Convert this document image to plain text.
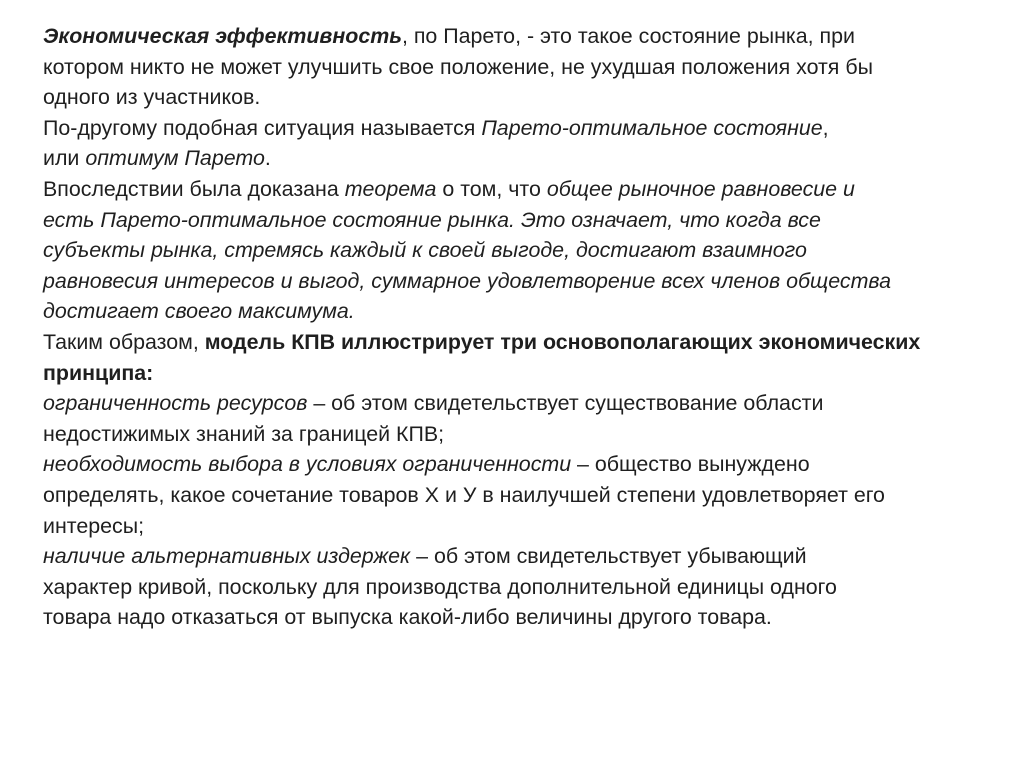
Экономическая эффективность, по Парето, - это такое состояние рынка, при
котором никто не может улучшить свое положение, не ухудшая положения хотя бы
одного из участников.
По-другому подобная ситуация называется Парето-оптимальное состояние,
или оптимум Парето.
Впоследствии была доказана теорема о том, что общее рыночное равновесие и
есть Парето-оптимальное состояние рынка. Это означает, что когда все
субъекты рынка, стремясь каждый к своей выгоде, достигают взаимного
равновесия интересов и выгод, суммарное удовлетворение всех членов общества
достигает своего максимума.
Таким образом, модель КПВ иллюстрирует три основополагающих экономических
принципа:
ограниченность ресурсов – об этом свидетельствует существование области
недостижимых знаний за границей КПВ;
необходимость выбора в условиях ограниченности – общество вынуждено
определять, какое сочетание товаров Х и У в наилучшей степени удовлетворяет его
интересы;
наличие альтернативных издержек – об этом свидетельствует убывающий
характер кривой, поскольку для производства дополнительной единицы одного
товара надо отказаться от выпуска какой-либо величины другого товара.
